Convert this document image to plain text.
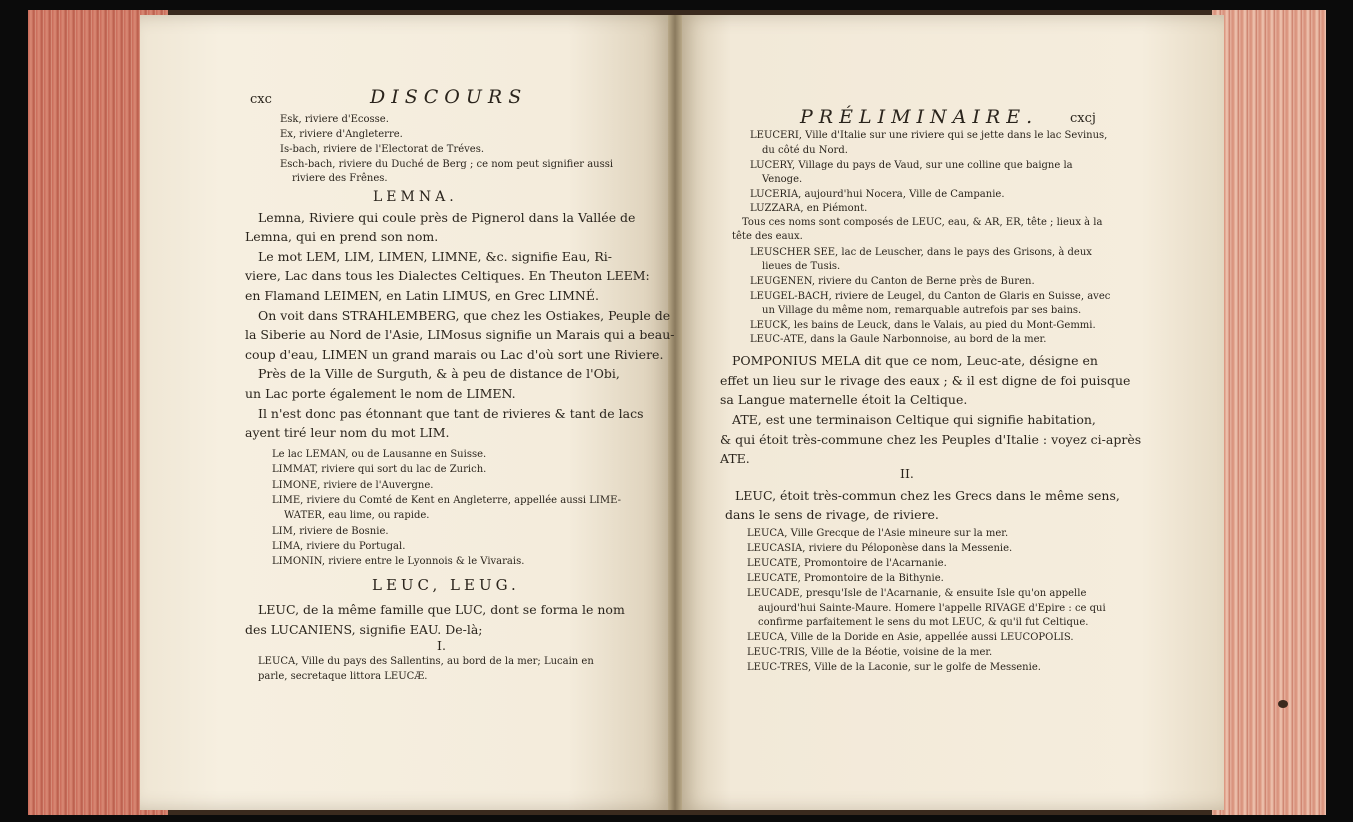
cxc	DISCOURS
Esk, riviere d'Ecosse.
Ex, riviere d'Angleterre.
Is-bach, riviere de l'Electorat de Tréves.
Esch-bach, riviere du Duché de Berg ; ce nom peut signifier aussi
riviere des Frênes.
LEMNA.
Lemna, Riviere qui coule près de Pignerol dans la Vallée de
Lemna, qui en prend son nom.
Le mot LEM, LIM, LIMEN, LIMNE, &c. signifie Eau, Ri-
viere, Lac dans tous les Dialectes Celtiques. En Theuton LEEM:
en Flamand LEIMEN, en Latin LIMUS, en Grec LIMNÉ.
On voit dans STRAHLEMBERG, que chez les Ostiakes, Peuple de
la Siberie au Nord de l'Asie, LIMosus signifie un Marais qui a beau-
coup d'eau, LIMEN un grand marais ou Lac d'où sort une Riviere.
Près de la Ville de Surguth, & à peu de distance de l'Obi,
un Lac porte également le nom de LIMEN.
Il n'est donc pas étonnant que tant de rivieres & tant de lacs
ayent tiré leur nom du mot LIM.
Le lac LEMAN, ou de Lausanne en Suisse.
LIMMAT, riviere qui sort du lac de Zurich.
LIMONE, riviere de l'Auvergne.
LIME, riviere du Comté de Kent en Angleterre, appellée aussi LIME-
WATER, eau lime, ou rapide.
LIM, riviere de Bosnie.
LIMA, riviere du Portugal.
LIMONIN, riviere entre le Lyonnois & le Vivarais.
LEUC, LEUG.
LEUC, de la même famille que LUC, dont se forma le nom
des LUCANIENS, signifie EAU. De-là;
I.
LEUCA, Ville du pays des Sallentins, au bord de la mer; Lucain en
parle, secretaque littora LEUCÆ.
PRÉLIMINAIRE. cxcj
LEUCERI, Ville d'Italie sur une riviere qui se jette dans le lac Sevinus,
du côté du Nord.
LUCERY, Village du pays de Vaud, sur une colline que baigne la
Venoge.
LUCERIA, aujourd'hui Nocera, Ville de Campanie.
LUZZARA, en Piémont.
Tous ces noms sont composés de LEUC, eau, & AR, ER, tête ; lieux à la
tête des eaux.
LEUSCHER SEE, lac de Leuscher, dans le pays des Grisons, à deux
lieues de Tusis.
LEUGENEN, riviere du Canton de Berne près de Buren.
LEUGEL-BACH, riviere de Leugel, du Canton de Glaris en Suisse, avec
un Village du même nom, remarquable autrefois par ses bains.
LEUCK, les bains de Leuck, dans le Valais, au pied du Mont-Gemmi.
LEUC-ATE, dans la Gaule Narbonnoise, au bord de la mer.
POMPONIUS MELA dit que ce nom, Leuc-ate, désigne en
effet un lieu sur le rivage des eaux ; & il est digne de foi puisque
sa Langue maternelle étoit la Celtique.
ATE, est une terminaison Celtique qui signifie habitation,
& qui étoit très-commune chez les Peuples d'Italie : voyez ci-après
ATE.
II.
LEUC, étoit très-commun chez les Grecs dans le même sens,
dans le sens de rivage, de riviere.
LEUCA, Ville Grecque de l'Asie mineure sur la mer.
LEUCASIA, riviere du Péloponèse dans la Messenie.
LEUCATE, Promontoire de l'Acarnanie.
LEUCATE, Promontoire de la Bithynie.
LEUCADE, presqu'Isle de l'Acarnanie, & ensuite Isle qu'on appelle
aujourd'hui Sainte-Maure. Homere l'appelle RIVAGE d'Epire : ce qui
confirme parfaitement le sens du mot LEUC, & qu'il fut Celtique.
LEUCA, Ville de la Doride en Asie, appellée aussi LEUCOPOLIS.
LEUC-TRIS, Ville de la Béotie, voisine de la mer.
LEUC-TRES, Ville de la Laconie, sur le golfe de Messenie.
